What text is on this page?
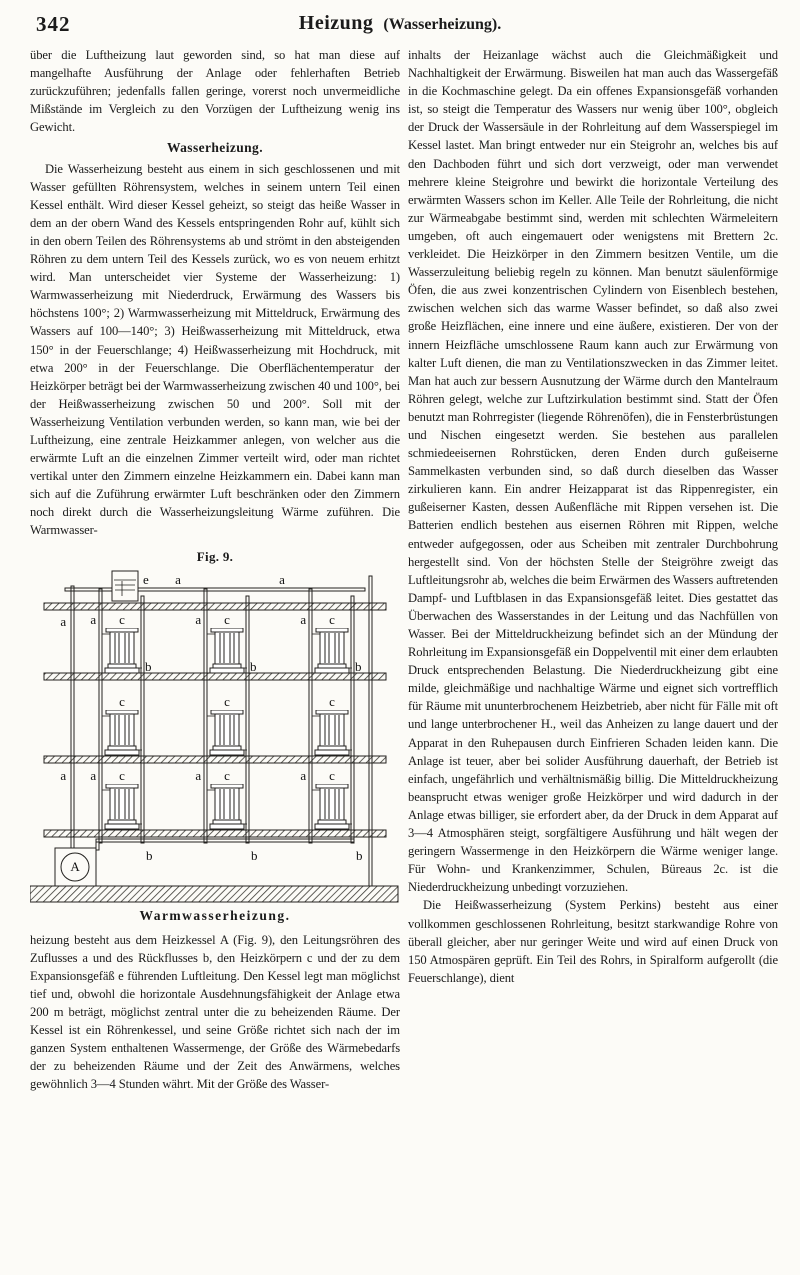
342	Heizung (Wasserheizung).

über die Luftheizung laut geworden sind, so hat man diese auf mangelhafte Ausführung der Anlage oder fehlerhaften Betrieb zurückzuführen; jedenfalls fallen geringe, vorerst noch unvermeidliche Mißstände im Vergleich zu den Vorzügen der Luftheizung wenig ins Gewicht.

Wasserheizung.

Die Wasserheizung besteht aus einem in sich geschlossenen und mit Wasser gefüllten Röhrensystem, welches in seinem untern Teil einen Kessel enthält. Wird dieser Kessel geheizt, so steigt das heiße Wasser in dem an der obern Wand des Kessels entspringenden Rohr auf, kühlt sich in den obern Teilen des Röhrensystems ab und strömt in den absteigenden Röhren zu dem untern Teil des Kessels zurück, wo es von neuem erhitzt wird. Man unterscheidet vier Systeme der Wasserheizung: 1) Warmwasserheizung mit Niederdruck, Erwärmung des Wassers bis höchstens 100°; 2) Warmwasserheizung mit Mitteldruck, Erwärmung des Wassers auf 100—140°; 3) Heißwasserheizung mit Mitteldruck, etwa 150° in der Feuerschlange; 4) Heißwasserheizung mit Hochdruck, mit etwa 200° in der Feuerschlange. Die Oberflächentemperatur der Heizkörper beträgt bei der Warmwasserheizung zwischen 40 und 100°, bei der Heißwasserheizung zwischen 50 und 200°. Soll mit der Wasserheizung Ventilation verbunden werden, so kann man, wie bei der Luftheizung, eine zentrale Heizkammer anlegen, von welcher aus die erwärmte Luft an die einzelnen Zimmer verteilt wird, oder man richtet vertikal unter den Zimmern einzelne Heizkammern ein. Dabei kann man sich auf die Zuführung erwärmter Luft beschränken oder den Zimmern noch direkt durch die Wasserheizungsleitung Wärme zuführen. Die Warmwasser-

Fig. 9.
e a	a
a
a
a	a	a
a	a	a
c	c	c
c	c	c
c	c	c
b	b	b
b	b	b
A
Warmwasserheizung.

heizung besteht aus dem Heizkessel A (Fig. 9), den Leitungsröhren des Zuflusses a und des Rückflusses b, den Heizkörpern c und der zu dem Expansionsgefäß e führenden Luftleitung. Den Kessel legt man möglichst tief und, obwohl die horizontale Ausdehnungsfähigkeit der Anlage etwa 200 m beträgt, möglichst zentral unter die zu beheizenden Räume. Der Kessel ist ein Röhrenkessel, und seine Größe richtet sich nach der im ganzen System enthaltenen Wassermenge, der Größe des Wärmebedarfs der zu beheizenden Räume und der Zeit des Anwärmens, welches gewöhnlich 3—4 Stunden währt. Mit der Größe des Wasser-

inhalts der Heizanlage wächst auch die Gleichmäßigkeit und Nachhaltigkeit der Erwärmung. Bisweilen hat man auch das Wassergefäß in die Kochmaschine gelegt. Da ein offenes Expansionsgefäß vorhanden ist, so steigt die Temperatur des Wassers nur wenig über 100°, obgleich der Druck der Wassersäule in der Rohrleitung auf dem Wasserspiegel im Kessel lastet. Man bringt entweder nur ein Steigrohr an, welches bis auf den Dachboden führt und sich dort verzweigt, oder man verwendet mehrere kleine Steigrohre und bewirkt die horizontale Verteilung des erwärmten Wassers schon im Keller. Alle Teile der Rohrleitung, die nicht zur Wärmeabgabe bestimmt sind, werden mit schlechten Wärmeleitern umgeben, oft auch eingemauert oder wenigstens mit Brettern 2c. verkleidet. Die Heizkörper in den Zimmern besitzen Ventile, um die Wasserzuleitung beliebig regeln zu können. Man benutzt säulenförmige Öfen, die aus zwei konzentrischen Cylindern von Eisenblech bestehen, zwischen welchen sich das warme Wasser befindet, so daß also zwei große Heizflächen, eine innere und eine äußere, existieren. Der von der innern Heizfläche umschlossene Raum kann auch zur Erwärmung von kalter Luft dienen, die man zu Ventilationszwecken in das Zimmer leitet. Man hat auch zur bessern Ausnutzung der Wärme durch den Mantelraum Röhren gelegt, welche zur Luftzirkulation bestimmt sind. Statt der Öfen benutzt man Rohrregister (liegende Röhrenöfen), die in Fensterbrüstungen und Nischen eingesetzt werden. Sie bestehen aus parallelen schmiedeeisernen Rohrstücken, deren Enden durch gußeiserne Sammelkasten verbunden sind, so daß durch dieselben das Wasser zirkulieren kann. Ein andrer Heizapparat ist das Rippenregister, ein gußeiserner Kasten, dessen Außenfläche mit Rippen versehen ist. Die Batterien endlich bestehen aus eisernen Röhren mit Rippen, welche entweder aufgegossen, oder aus Scheiben mit zentraler Durchbohrung hergestellt sind. Von der höchsten Stelle der Steigröhre zweigt das Luftleitungsrohr ab, welches die beim Erwärmen des Wassers auftretenden Dampf- und Luftblasen in das Expansionsgefäß leitet. Dies gestattet das Überwachen des Wasserstandes in der Leitung und das Nachfüllen von Wasser. Bei der Mitteldruckheizung befindet sich an der Mündung der Rohrleitung im Expansionsgefäß ein Doppelventil mit einer dem erlaubten Druck entsprechenden Belastung. Die Niederdruckheizung gibt eine milde, gleichmäßige und nachhaltige Wärme und eignet sich vortrefflich für Räume mit ununterbrochenem Heizbetrieb, aber nicht für Fälle mit oft und lange unterbrochener H., weil das Anheizen zu lange dauert und der Apparat in den Ruhepausen durch Einfrieren Schaden leiden kann. Die Anlage ist teuer, aber bei solider Ausführung dauerhaft, der Betrieb ist einfach, ungefährlich und verhältnismäßig billig. Die Mitteldruckheizung beansprucht etwas weniger große Heizkörper und wird dadurch in der Anlage etwas billiger, sie erfordert aber, da der Druck in dem Apparat auf 3—4 Atmosphären steigt, sorgfältigere Ausführung und hält wegen der geringern Wassermenge in den Heizkörpern die Wärme weniger lange. Für Wohn- und Krankenzimmer, Schulen, Büreaus 2c. ist die Niederdruckheizung unbedingt vorzuziehen.

Die Heißwasserheizung (System Perkins) besteht aus einer vollkommen geschlossenen Rohrleitung, besitzt starkwandige Rohre von überall gleicher, aber nur geringer Weite und wird auf einen Druck von 150 Atmospären geprüft. Ein Teil des Rohrs, in Spiralform aufgerollt (die Feuerschlange), dient
